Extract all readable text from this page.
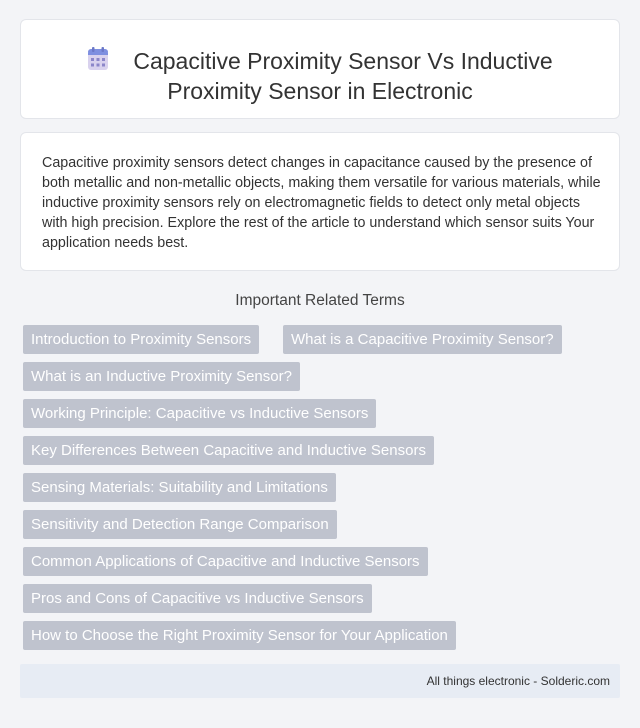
Capacitive Proximity Sensor Vs Inductive
Proximity Sensor in Electronic

Capacitive proximity sensors detect changes in capacitance caused by the presence of both metallic and non-metallic objects, making them versatile for various materials, while inductive proximity sensors rely on electromagnetic fields to detect only metal objects with high precision. Explore the rest of the article to understand which sensor suits Your application needs best.

Important Related Terms
Introduction to Proximity Sensors	What is a Capacitive Proximity Sensor?
What is an Inductive Proximity Sensor?
Working Principle: Capacitive vs Inductive Sensors
Key Differences Between Capacitive and Inductive Sensors
Sensing Materials: Suitability and Limitations
Sensitivity and Detection Range Comparison
Common Applications of Capacitive and Inductive Sensors
Pros and Cons of Capacitive vs Inductive Sensors
How to Choose the Right Proximity Sensor for Your Application
All things electronic - Solderic.com
